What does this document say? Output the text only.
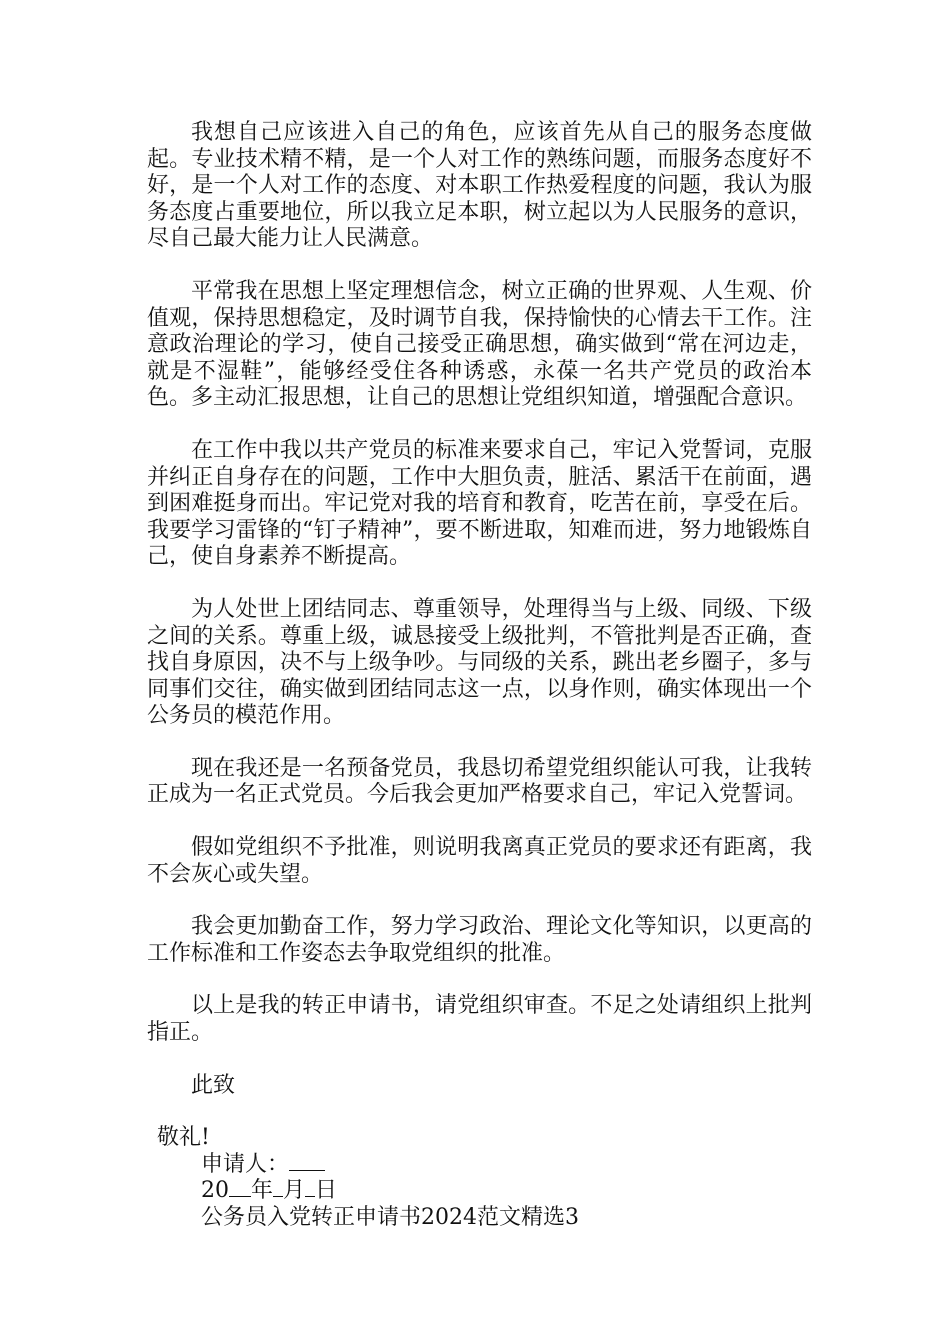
我想自己应该进入自己的角色，应该首先从自己的服务态度做起。专业技术精不精，是一个人对工作的熟练问题，而服务态度好不好，是一个人对工作的态度、对本职工作热爱程度的问题，我认为服务态度占重要地位，所以我立足本职，树立起以为人民服务的意识，尽自己最大能力让人民满意。

平常我在思想上坚定理想信念，树立正确的世界观、人生观、价值观，保持思想稳定，及时调节自我，保持愉快的心情去干工作。注意政治理论的学习，使自己接受正确思想，确实做到“常在河边走，就是不湿鞋”，能够经受住各种诱惑，永葆一名共产党员的政治本色。多主动汇报思想，让自己的思想让党组织知道，增强配合意识。

在工作中我以共产党员的标准来要求自己，牢记入党誓词，克服并纠正自身存在的问题，工作中大胆负责，脏活、累活干在前面，遇到困难挺身而出。牢记党对我的培育和教育，吃苦在前，享受在后。我要学习雷锋的“钉子精神”，要不断进取，知难而进，努力地锻炼自己，使自身素养不断提高。

为人处世上团结同志、尊重领导，处理得当与上级、同级、下级之间的关系。尊重上级，诚恳接受上级批判，不管批判是否正确，查找自身原因，决不与上级争吵。与同级的关系，跳出老乡圈子，多与同事们交往，确实做到团结同志这一点，以身作则，确实体现出一个公务员的模范作用。

现在我还是一名预备党员，我恳切希望党组织能认可我，让我转正成为一名正式党员。今后我会更加严格要求自己，牢记入党誓词。

假如党组织不予批准，则说明我离真正党员的要求还有距离，我不会灰心或失望。

我会更加勤奋工作，努力学习政治、理论文化等知识，以更高的工作标准和工作姿态去争取党组织的批准。

以上是我的转正申请书，请党组织审查。不足之处请组织上批判指正。

此致

敬礼!

申请人：

20 年 月 日

公务员入党转正申请书2024范文精选3
